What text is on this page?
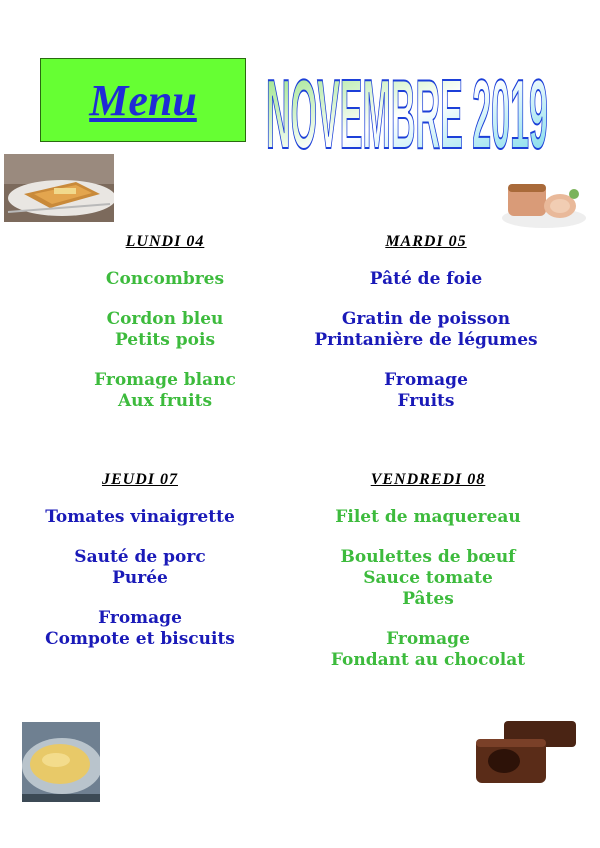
Menu NOVEMBRE 2019
LUNDI 04
Concombres
Cordon bleu
Petits pois
Fromage blanc
Aux fruits
MARDI 05
Pâté de foie
Gratin de poisson
Printanière de légumes
Fromage
Fruits
JEUDI 07
Tomates vinaigrette
Sauté de porc
Purée
Fromage
Compote et biscuits
VENDREDI 08
Filet de maquereau
Boulettes de bœuf
Sauce tomate
Pâtes
Fromage
Fondant au chocolat
